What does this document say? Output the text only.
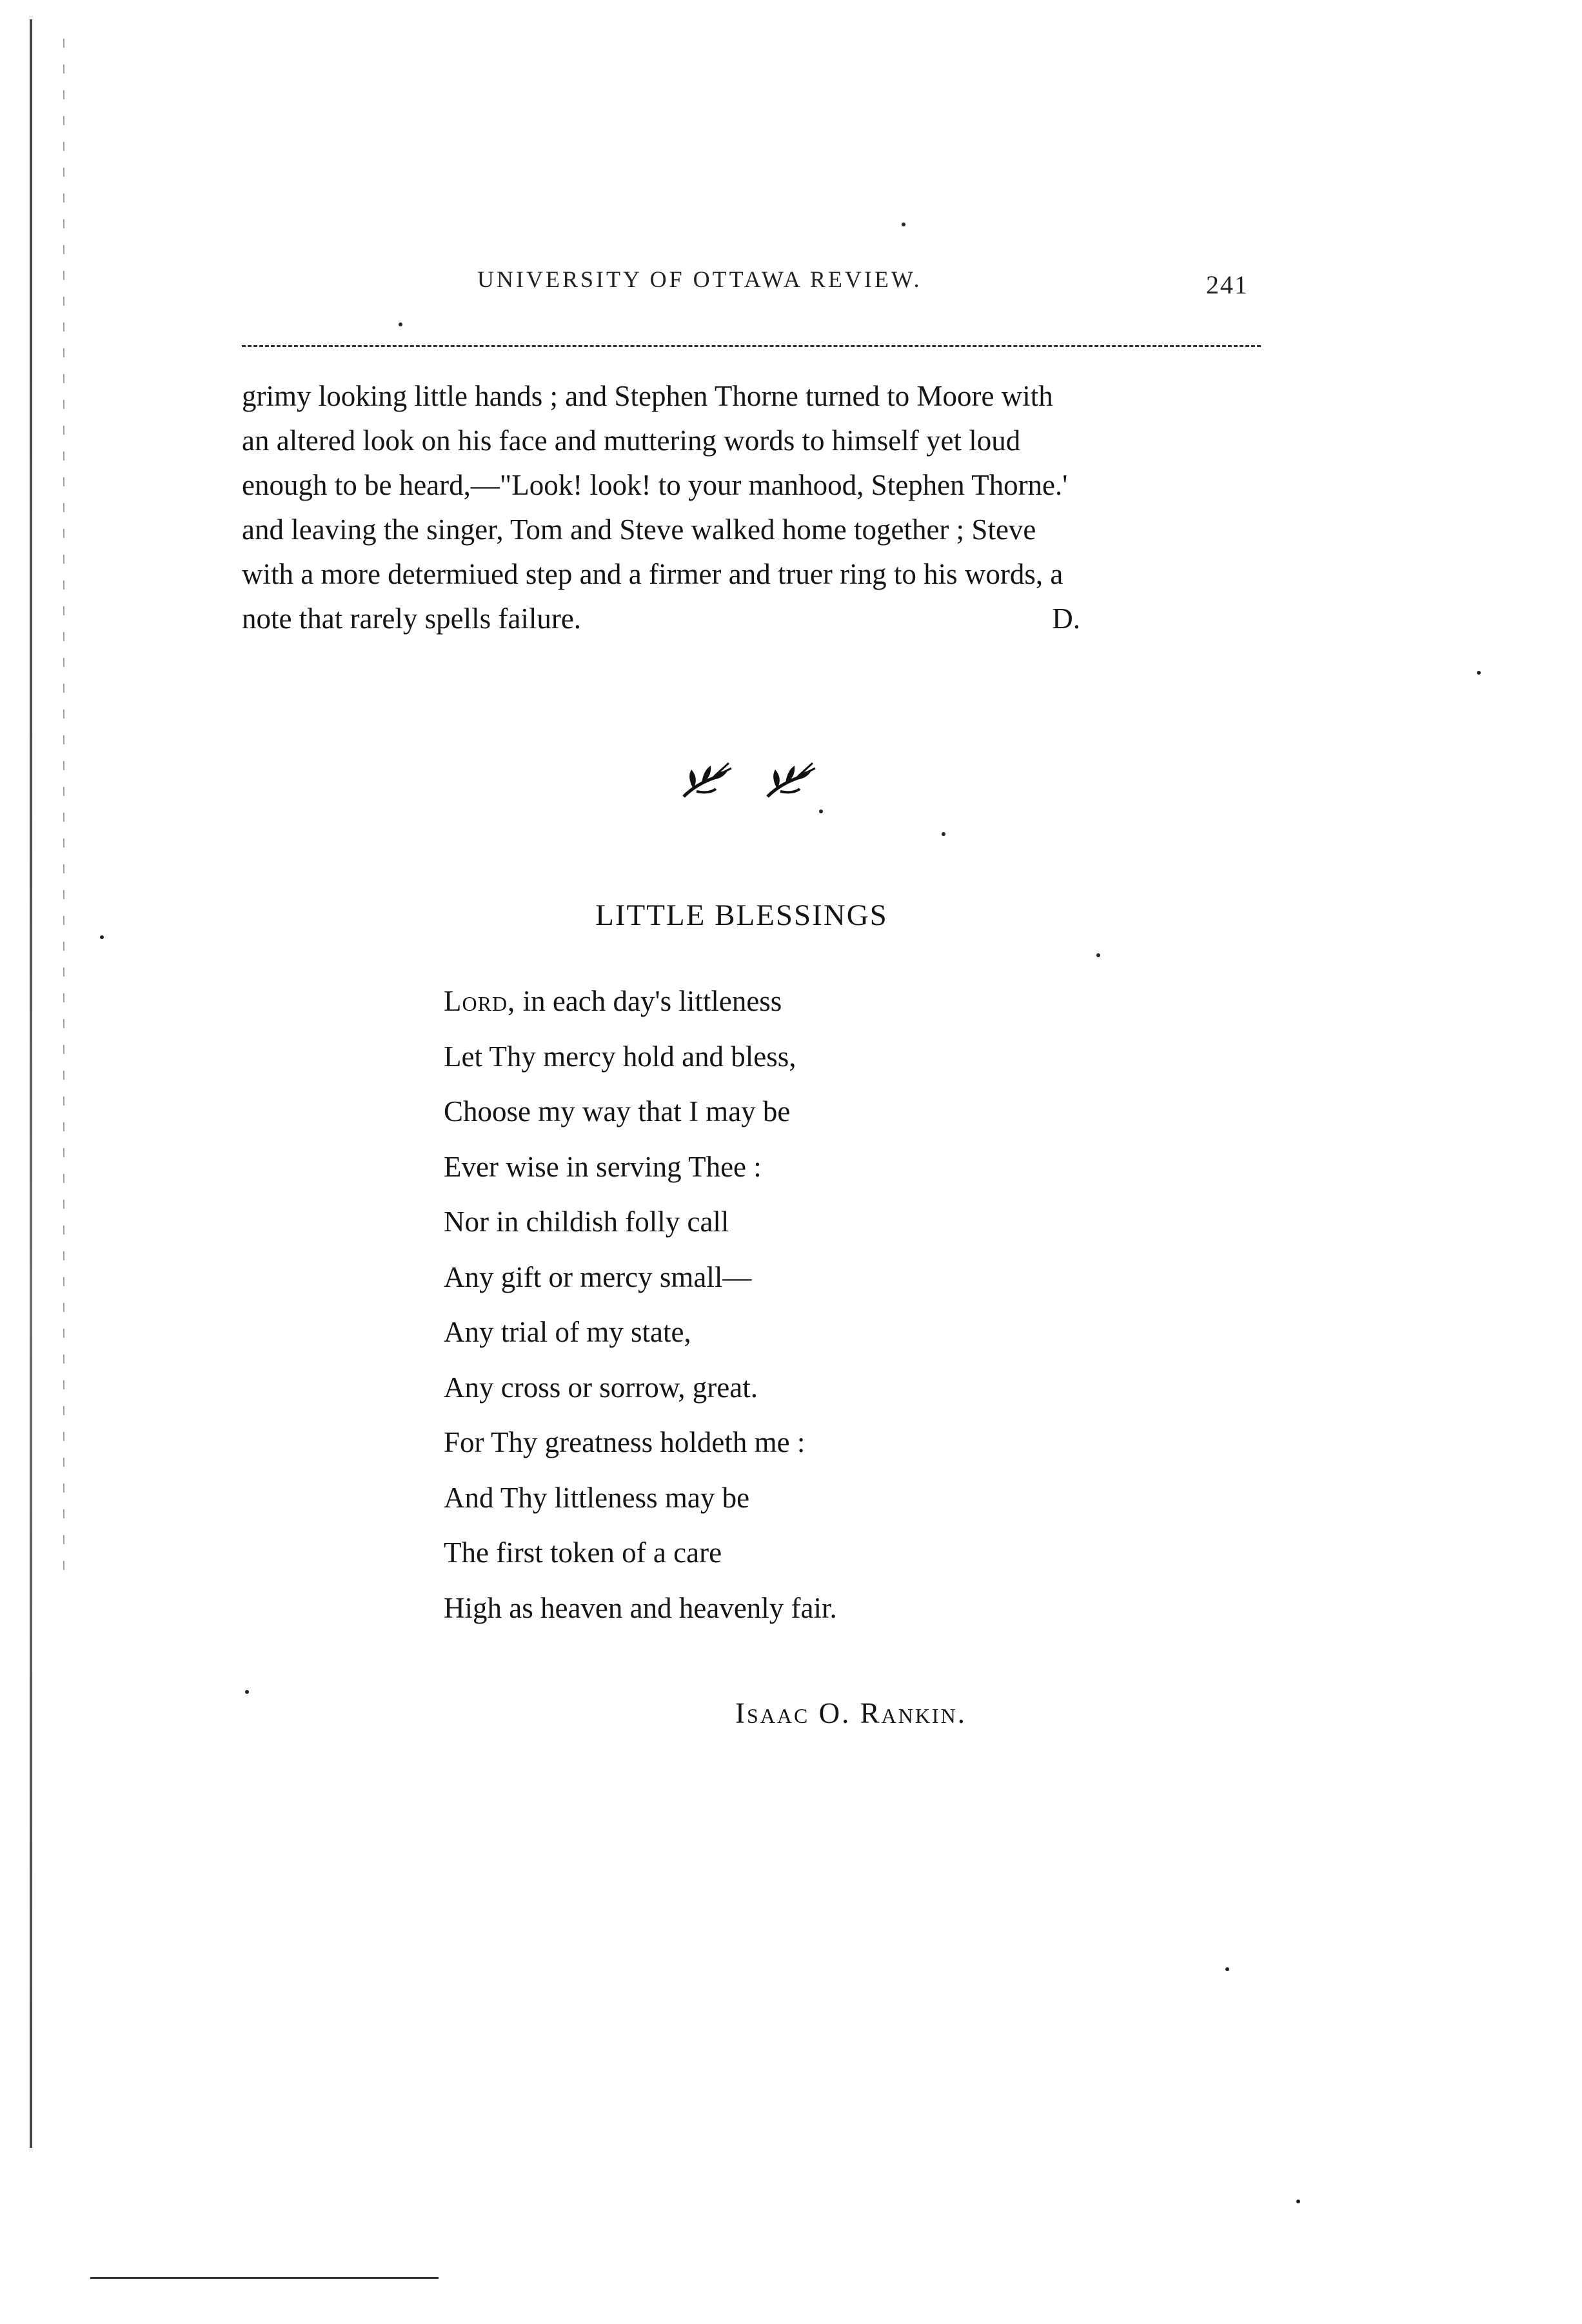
UNIVERSITY OF OTTAWA REVIEW.	241
grimy looking little hands ; and Stephen Thorne turned to Moore with
an altered look on his face and muttering words to himself yet loud
enough to be heard,—"Look! look! to your manhood, Stephen Thorne.'
and leaving the singer, Tom and Steve walked home together ; Steve
with a more determiued step and a firmer and truer ring to his words, a
note that rarely spells failure.	D.
LITTLE BLESSINGS
Lord, in each day's littleness
Let Thy mercy hold and bless,
Choose my way that I may be
Ever wise in serving Thee :
Nor in childish folly call
Any gift or mercy small—
Any trial of my state,
Any cross or sorrow, great.
For Thy greatness holdeth me :
And Thy littleness may be
The first token of a care
High as heaven and heavenly fair.
Isaac O. Rankin.
